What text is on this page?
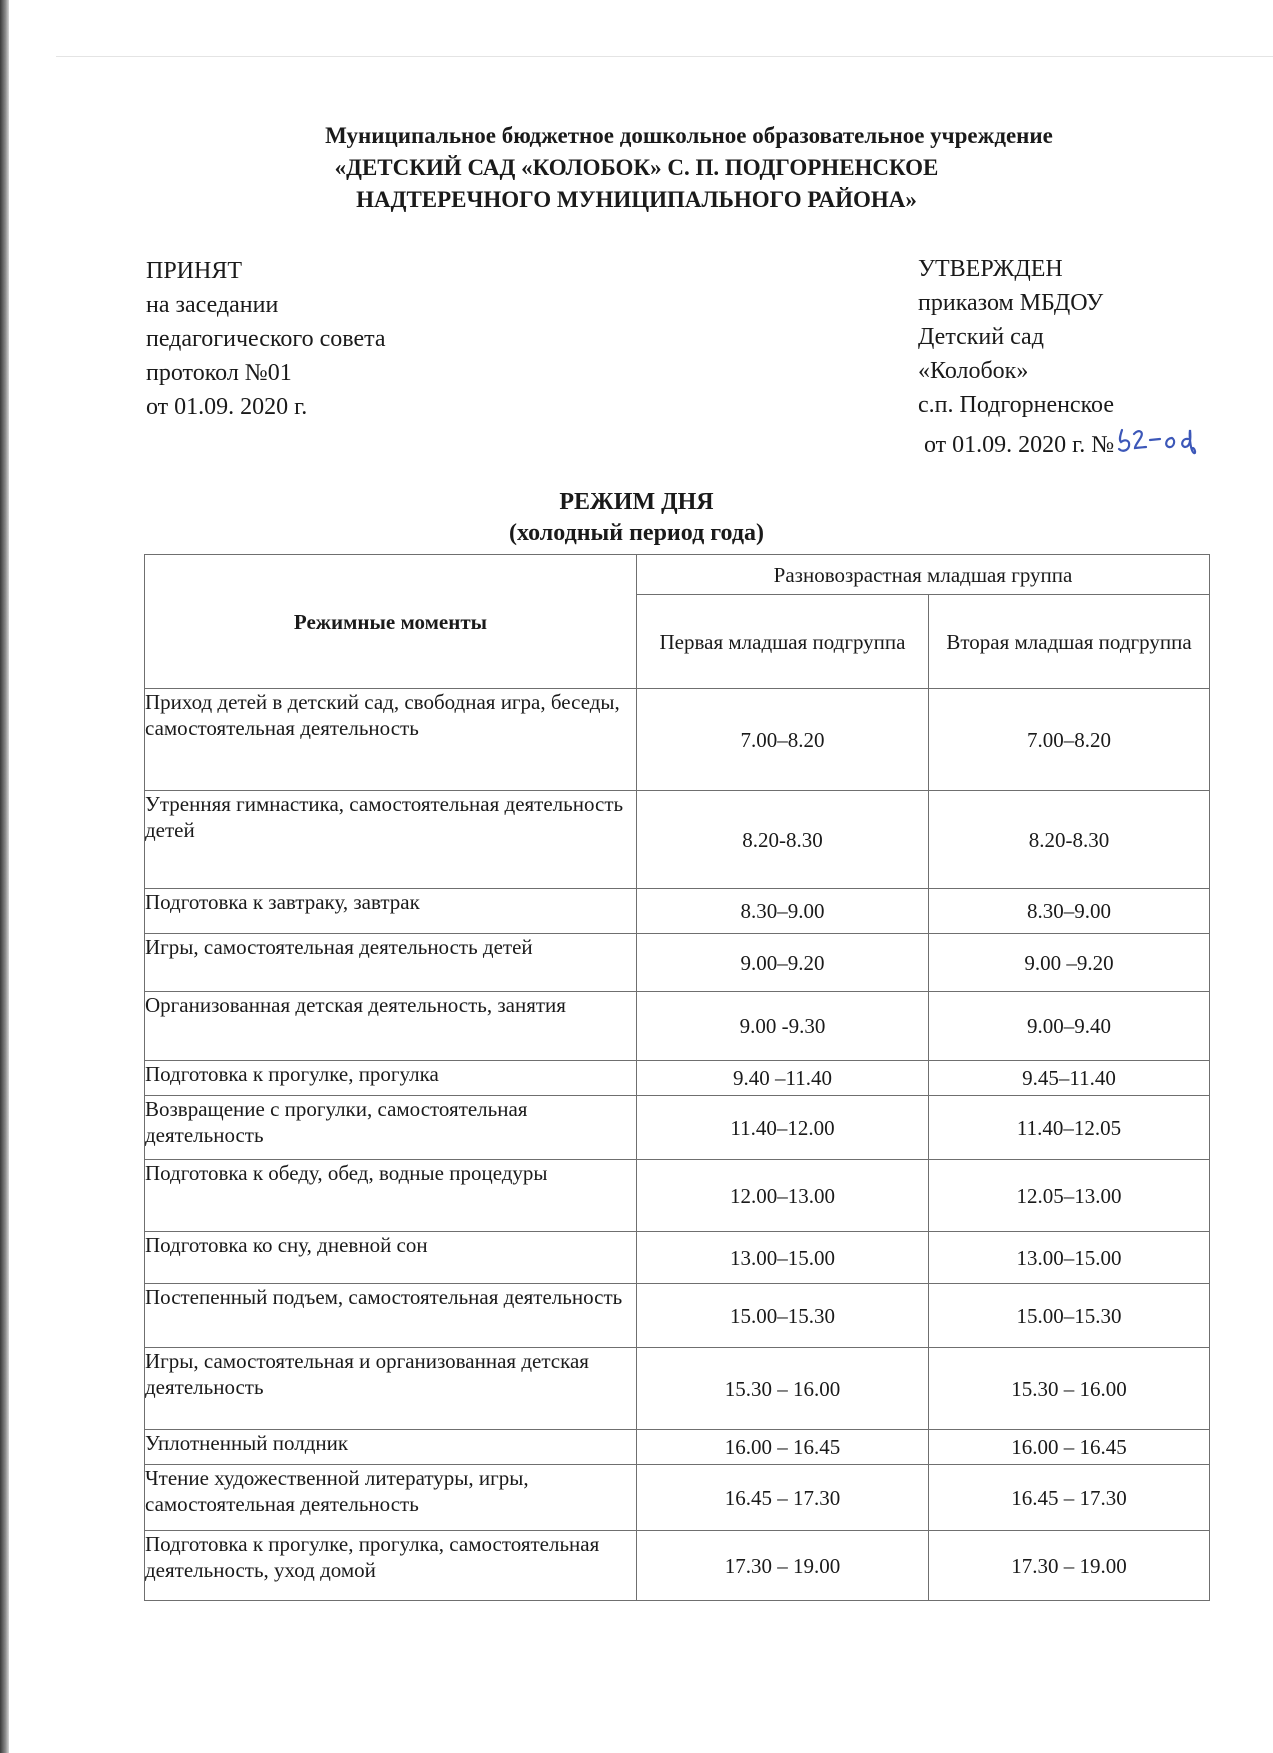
Муниципальное бюджетное дошкольное образовательное учреждение
«ДЕТСКИЙ САД «КОЛОБОК» С. П. ПОДГОРНЕНСКОЕ
НАДТЕРЕЧНОГО МУНИЦИПАЛЬНОГО РАЙОНА»
ПРИНЯТ
на заседании
педагогического совета
протокол №01
от 01.09. 2020 г.
УТВЕРЖДЕН
приказом МБДОУ
Детский сад
«Колобок»
с.п. Подгорненское
от 01.09. 2020 г. №
РЕЖИМ ДНЯ
(холодный период года)
Режимные моменты	Разновозрастная младшая группа	
	Первая младшая подгруппа	Вторая младшая подгруппа
Приход детей в детский сад, свободная игра, беседы, самостоятельная деятельность	7.00–8.20	7.00–8.20
Утренняя гимнастика, самостоятельная деятельность детей	8.20-8.30	8.20-8.30
Подготовка к завтраку, завтрак	8.30–9.00	8.30–9.00
Игры, самостоятельная деятельность детей	9.00–9.20	9.00 –9.20
Организованная детская деятельность, занятия	9.00 -9.30	9.00–9.40
Подготовка к прогулке, прогулка	9.40 –11.40	9.45–11.40
Возвращение с прогулки, самостоятельная деятельность	11.40–12.00	11.40–12.05
Подготовка к обеду, обед, водные процедуры	12.00–13.00	12.05–13.00
Подготовка ко сну, дневной сон	13.00–15.00	13.00–15.00
Постепенный подъем, самостоятельная деятельность	15.00–15.30	15.00–15.30
Игры, самостоятельная и организованная детская деятельность	15.30 – 16.00	15.30 – 16.00
Уплотненный полдник	16.00 – 16.45	16.00 – 16.45
Чтение художественной литературы, игры, самостоятельная деятельность	16.45 – 17.30	16.45 – 17.30
Подготовка к прогулке, прогулка, самостоятельная деятельность, уход домой	17.30 – 19.00	17.30 – 19.00
